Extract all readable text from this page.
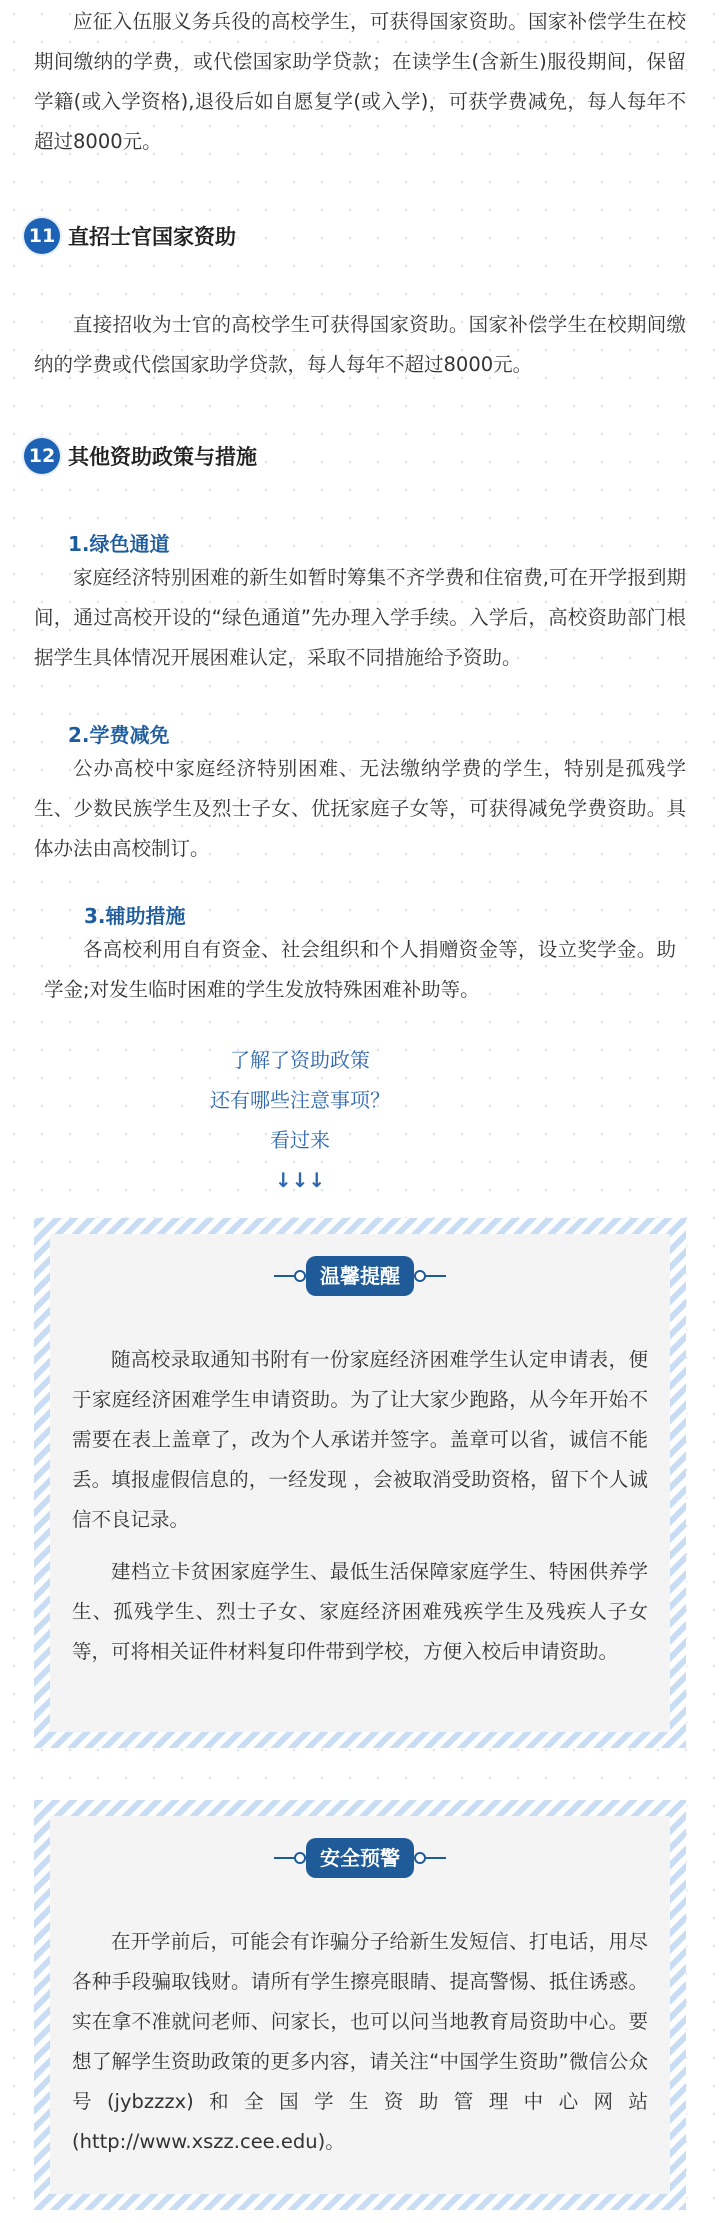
应征入伍服义务兵役的高校学生，可获得国家资助。国家补偿学生在校期间缴纳的学费，或代偿国家助学贷款；在读学生(含新生)服役期间，保留学籍(或入学资格),退役后如自愿复学(或入学)，可获学费减免，每人每年不超过8000元。

11 直招士官国家资助

直接招收为士官的高校学生可获得国家资助。国家补偿学生在校期间缴纳的学费或代偿国家助学贷款，每人每年不超过8000元。

12 其他资助政策与措施
1.绿色通道

家庭经济特别困难的新生如暂时筹集不齐学费和住宿费,可在开学报到期间，通过高校开设的“绿色通道”先办理入学手续。入学后，高校资助部门根据学生具体情况开展困难认定，采取不同措施给予资助。

2.学费减免

公办高校中家庭经济特别困难、无法缴纳学费的学生，特别是孤残学生、少数民族学生及烈士子女、优抚家庭子女等，可获得减免学费资助。具体办法由高校制订。

3.辅助措施

各高校利用自有资金、社会组织和个人捐赠资金等，设立奖学金。助学金;对发生临时困难的学生发放特殊困难补助等。

了解了资助政策

还有哪些注意事项？

看过来

↓↓↓

温馨提醒

随高校录取通知书附有一份家庭经济困难学生认定申请表，便于家庭经济困难学生申请资助。为了让大家少跑路，从今年开始不需要在表上盖章了，改为个人承诺并签字。盖章可以省，诚信不能丢。填报虚假信息的，一经发现 ，会被取消受助资格，留下个人诚信不良记录。

建档立卡贫困家庭学生、最低生活保障家庭学生、特困供养学生、孤残学生、烈士子女、家庭经济困难残疾学生及残疾人子女等，可将相关证件材料复印件带到学校，方便入校后申请资助。

安全预警

在开学前后，可能会有诈骗分子给新生发短信、打电话，用尽各种手段骗取钱财。请所有学生擦亮眼睛、提高警惕、抵住诱惑。实在拿不准就问老师、问家长，也可以问当地教育局资助中心。要想了解学生资助政策的更多内容，请关注“中国学生资助”微信公众号(jybzzzx)和全国学生资助管理中心网站(http://www.xszz.cee.edu)。
